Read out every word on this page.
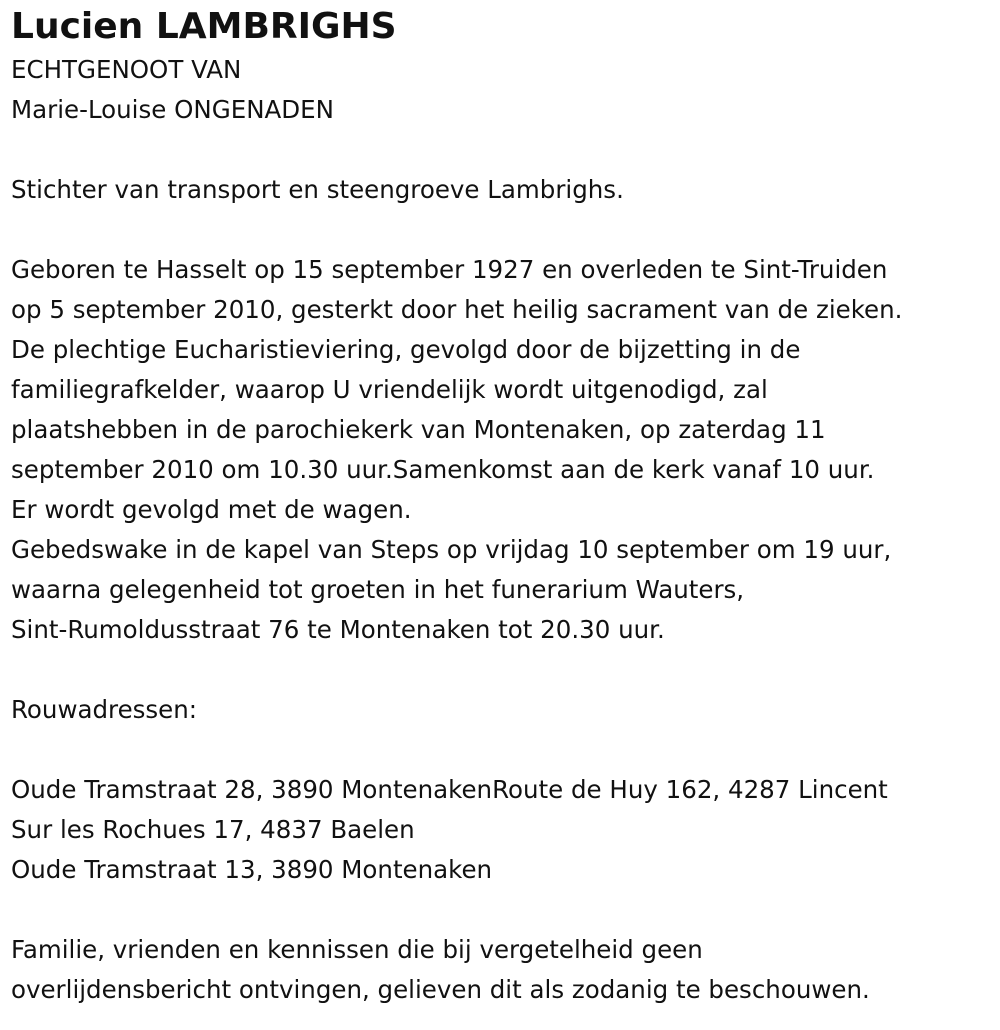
Lucien LAMBRIGHS

ECHTGENOOT VAN

Marie-Louise ONGENADEN

Stichter van transport en steengroeve Lambrighs.

Geboren te Hasselt op 15 september 1927 en overleden te Sint-Truiden

op 5 september 2010, gesterkt door het heilig sacrament van de zieken.

De plechtige Eucharistieviering, gevolgd door de bijzetting in de

familiegrafkelder, waarop U vriendelijk wordt uitgenodigd, zal

plaatshebben in de parochiekerk van Montenaken, op zaterdag 11

september 2010 om 10.30 uur.Samenkomst aan de kerk vanaf 10 uur.

Er wordt gevolgd met de wagen.

Gebedswake in de kapel van Steps op vrijdag 10 september om 19 uur,

waarna gelegenheid tot groeten in het funerarium Wauters,

Sint-Rumoldusstraat 76 te Montenaken tot 20.30 uur.

Rouwadressen:

Oude Tramstraat 28, 3890 MontenakenRoute de Huy 162, 4287 Lincent

Sur les Rochues 17, 4837 Baelen

Oude Tramstraat 13, 3890 Montenaken

Familie, vrienden en kennissen die bij vergetelheid geen

overlijdensbericht ontvingen, gelieven dit als zodanig te beschouwen.
